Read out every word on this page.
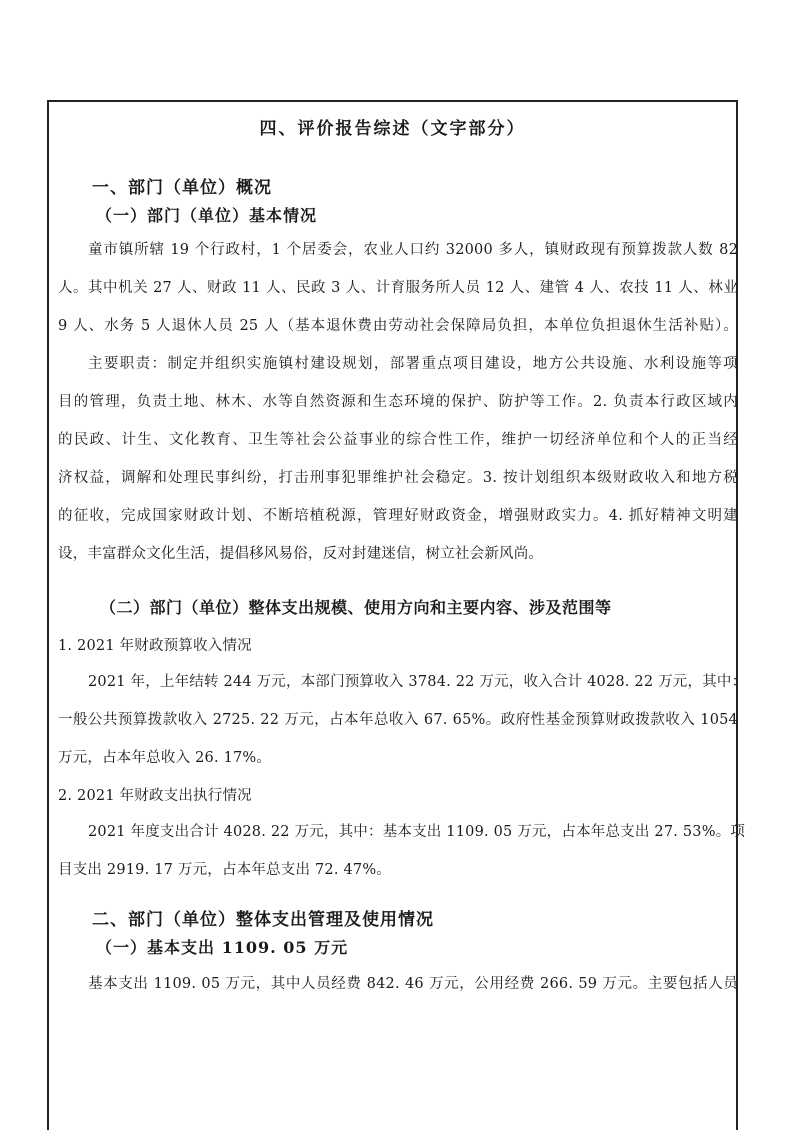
四、评价报告综述（文字部分）
一、部门（单位）概况
（一）部门（单位）基本情况
童市镇所辖 19 个行政村，1 个居委会，农业人口约 32000 多人，镇财政现有预算拨款人数 82
人。其中机关 27 人、财政 11 人、民政 3 人、计育服务所人员 12 人、建管 4 人、农技 11 人、林业
9 人、水务 5 人退休人员 25 人（基本退休费由劳动社会保障局负担，本单位负担退休生活补贴）。
主要职责：制定并组织实施镇村建设规划，部署重点项目建设，地方公共设施、水利设施等项
目的管理，负责土地、林木、水等自然资源和生态环境的保护、防护等工作。2. 负责本行政区域内
的民政、计生、文化教育、卫生等社会公益事业的综合性工作，维护一切经济单位和个人的正当经
济权益，调解和处理民事纠纷，打击刑事犯罪维护社会稳定。3. 按计划组织本级财政收入和地方税
的征收，完成国家财政计划、不断培植税源，管理好财政资金，增强财政实力。4. 抓好精神文明建
设，丰富群众文化生活，提倡移风易俗，反对封建迷信，树立社会新风尚。
（二）部门（单位）整体支出规模、使用方向和主要内容、涉及范围等
1. 2021 年财政预算收入情况
2021 年，上年结转 244 万元，本部门预算收入 3784. 22 万元，收入合计 4028. 22 万元，其中：
一般公共预算拨款收入 2725. 22 万元，占本年总收入 67. 65%。政府性基金预算财政拨款收入 1054
万元，占本年总收入 26. 17%。
2. 2021 年财政支出执行情况
2021 年度支出合计 4028. 22 万元，其中：基本支出 1109. 05 万元，占本年总支出 27. 53%。项
目支出 2919. 17 万元，占本年总支出 72. 47%。
二、部门（单位）整体支出管理及使用情况
（一）基本支出 1109. 05 万元
基本支出 1109. 05 万元，其中人员经费 842. 46 万元，公用经费 266. 59 万元。主要包括人员
